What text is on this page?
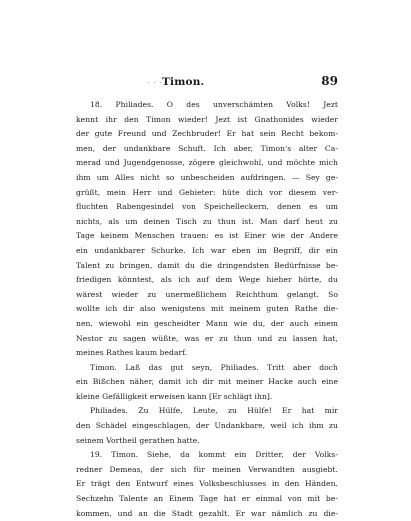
· · · Timon.	89
18. Philiades. O des unverschämten Volks! Jezt
kennt ihr den Timon wieder! Jezt ist Gnathonides wieder
der gute Freund und Zechbruder! Er hat sein Recht bekom-
men, der undankbare Schuft. Ich aber, Timon's alter Ca-
merad und Jugendgenosse, zögere gleichwohl, und möchte mich
ihm um Alles nicht so unbescheiden aufdringen. — Sey ge-
grüßt, mein Herr und Gebieter: hüte dich vor diesem ver-
fluchten Rabengesindel von Speichelleckern, denen es um
nichts, als um deinen Tisch zu thun ist. Man darf heut zu
Tage keinem Menschen trauen: es ist Einer wie der Andere
ein undankbarer Schurke. Ich war eben im Begriff, dir ein
Talent zu bringen, damit du die dringendsten Bedürfnisse be-
friedigen könntest, als ich auf dem Wege hieher hörte, du
wärest wieder zu unermeßlichem Reichthum gelangt. So
wollte ich dir also wenigstens mit meinem guten Rathe die-
nen, wiewohl ein gescheidter Mann wie du, der auch einem
Nestor zu sagen wüßte, was er zu thun und zu lassen hat,
meines Rathes kaum bedarf.
Timon. Laß das gut seyn, Philiades. Tritt aber doch
ein Bißchen näher, damit ich dir mit meiner Hacke auch eine
kleine Gefälligkeit erweisen kann [Er schlägt ihn].
Philiades. Zu Hülfe, Leute, zu Hülfe! Er hat mir
den Schädel eingeschlagen, der Undankbare, weil ich ihm zu
seinem Vortheil gerathen hatte.
19. Timon. Siehe, da kommt ein Dritter, der Volks-
redner Demeas, der sich für meinen Verwandten ausgiebt.
Er trägt den Entwurf eines Volksbeschlusses in den Händen.
Sechzehn Talente an Einem Tage hat er einmal von mit be-
kommen, und an die Stadt gezahlt. Er war nämlich zu die-
